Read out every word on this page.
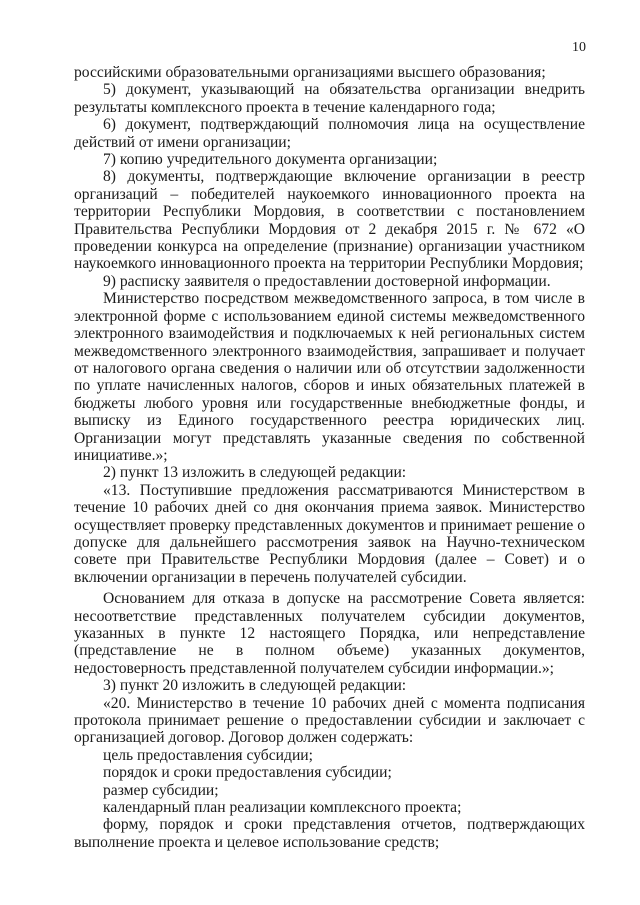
10

российскими образовательными организациями высшего образования;

5) документ, указывающий на обязательства организации внедрить результаты комплексного проекта в течение календарного года;

6) документ, подтверждающий полномочия лица на осуществление действий от имени организации;

7) копию учредительного документа организации;

8) документы, подтверждающие включение организации в реестр организаций – победителей наукоемкого инновационного проекта на территории Республики Мордовия, в соответствии с постановлением Правительства Республики Мордовия от 2 декабря 2015 г. № 672 «О проведении конкурса на определение (признание) организации участником наукоемкого инновационного проекта на территории Республики Мордовия;

9) расписку заявителя о предоставлении достоверной информации.

Министерство посредством межведомственного запроса, в том числе в электронной форме с использованием единой системы межведомственного электронного взаимодействия и подключаемых к ней региональных систем межведомственного электронного взаимодействия, запрашивает и получает от налогового органа сведения о наличии или об отсутствии задолженности по уплате начисленных налогов, сборов и иных обязательных платежей в бюджеты любого уровня или государственные внебюджетные фонды, и выписку из Единого государственного реестра юридических лиц. Организации могут представлять указанные сведения по собственной инициативе.»;

2) пункт 13 изложить в следующей редакции:

«13. Поступившие предложения рассматриваются Министерством в течение 10 рабочих дней со дня окончания приема заявок. Министерство осуществляет проверку представленных документов и принимает решение о допуске для дальнейшего рассмотрения заявок на Научно-техническом совете при Правительстве Республики Мордовия (далее – Совет) и о включении организации в перечень получателей субсидии.

Основанием для отказа в допуске на рассмотрение Совета является: несоответствие представленных получателем субсидии документов, указанных в пункте 12 настоящего Порядка, или непредставление (представление не в полном объеме) указанных документов, недостоверность представленной получателем субсидии информации.»;

3) пункт 20 изложить в следующей редакции:

«20. Министерство в течение 10 рабочих дней с момента подписания протокола принимает решение о предоставлении субсидии и заключает с организацией договор. Договор должен содержать:

цель предоставления субсидии;

порядок и сроки предоставления субсидии;

размер субсидии;

календарный план реализации комплексного проекта;

форму, порядок и сроки представления отчетов, подтверждающих выполнение проекта и целевое использование средств;
